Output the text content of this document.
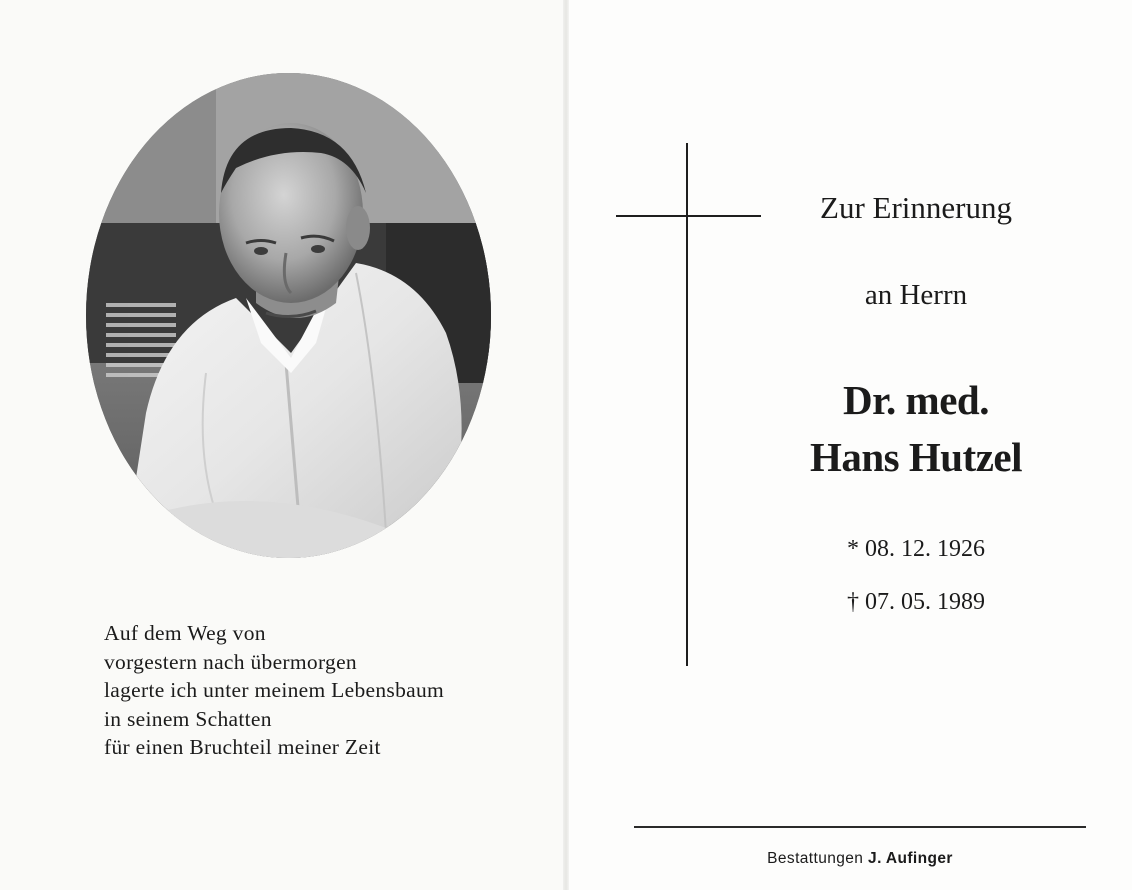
Auf dem Weg von
vorgestern nach übermorgen
lagerte ich unter meinem Lebensbaum
in seinem Schatten
für einen Bruchteil meiner Zeit
Zur Erinnerung
an Herrn
Dr. med.
Hans Hutzel
* 08. 12. 1926
† 07. 05. 1989
Bestattungen J. Aufinger
